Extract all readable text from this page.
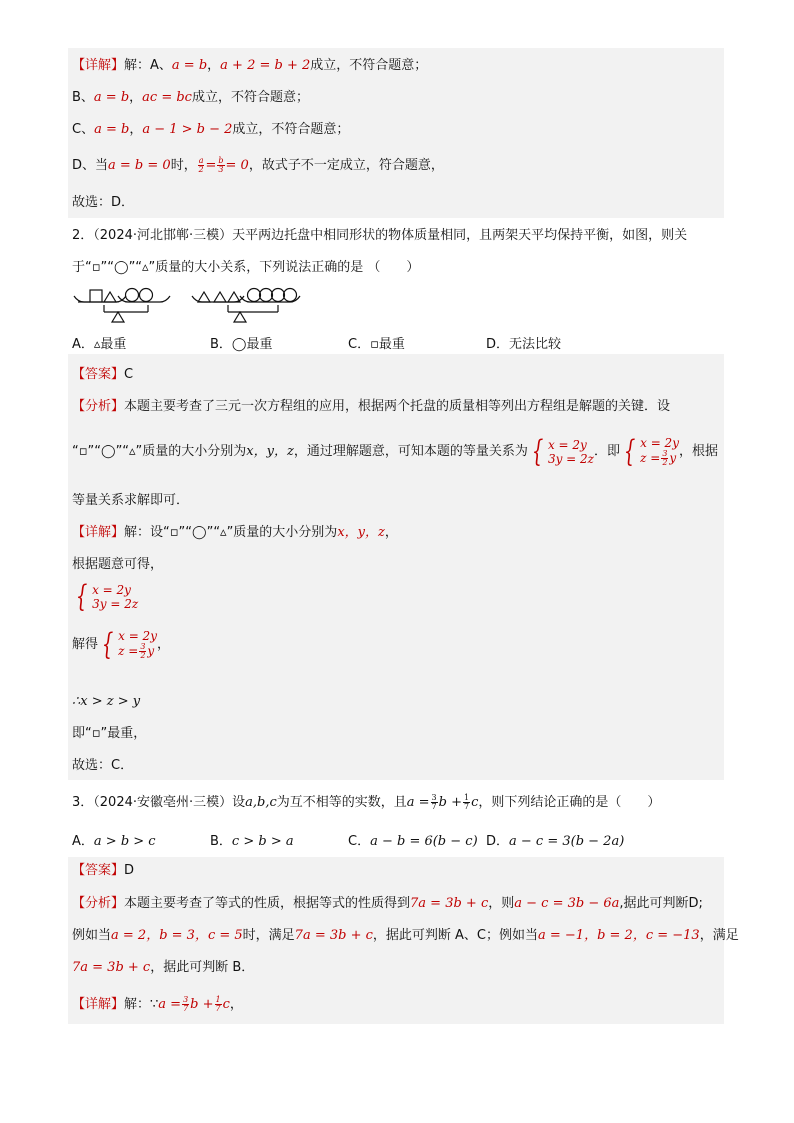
【详解】解：A、a = b，a + 2 = b + 2成立，不符合题意；
B、a = b，ac = bc成立，不符合题意；
C、a = b，a − 1 > b − 2成立，不符合题意；
D、当a = b = 0时， $\frac{a}{2} = \frac{b}{3} = 0$，故式子不一定成立，符合题意，
故选：D．
2．（2024·河北邯郸·三模）天平两边托盘中相同形状的物体质量相同，且两架天平均保持平衡，如图，则关
于“▫”“◯”“▵”质量的大小关系，下列说法正确的是 （　　）
A．▵最重	B．◯最重	C．▫最重	D．无法比较
【答案】C
【分析】本题主要考查了三元一次方程组的应用，根据两个托盘的质量相等列出方程组是解题的关键．设
“▫”“◯”“▵”质量的大小分别为x，y，z，通过理解题意，可知本题的等量关系为 { x = 2y
3y = 2z ．即 { x = 2y
$z = \frac{3}{2}$ y ，根据
等量关系求解即可．
【详解】解：设“▫”“◯”“▵”质量的大小分别为x，y，z，
根据题意可得，
{ x = 2y
3y = 2z
解得 { x = 2y
$z = \frac{3}{2}$ y ，
∴x > z > y
即“▫”最重，
故选：C．
3．（2024·安徽亳州·三模）设a,b,c为互不相等的实数，且$a = \frac{3}{7}$ $b + \frac{1}{7}$ c，则下列结论正确的是（　　）
A．a > b > c	B．c > b > a	C．a − b = 6(b − c) D．a − c = 3(b − 2a)
【答案】D
【分析】本题主要考查了等式的性质，根据等式的性质得到7a = 3b + c，则a − c = 3b − 6a,据此可判断D;
例如当a = 2，b = 3，c = 5时，满足7a = 3b + c，据此可判断 A、C；例如当a = −1，b = 2，c = −13，满足
7a = 3b + c，据此可判断 B．
【详解】解：∵a = $\frac{3}{7}$ $b + \frac{1}{7}$ c，
